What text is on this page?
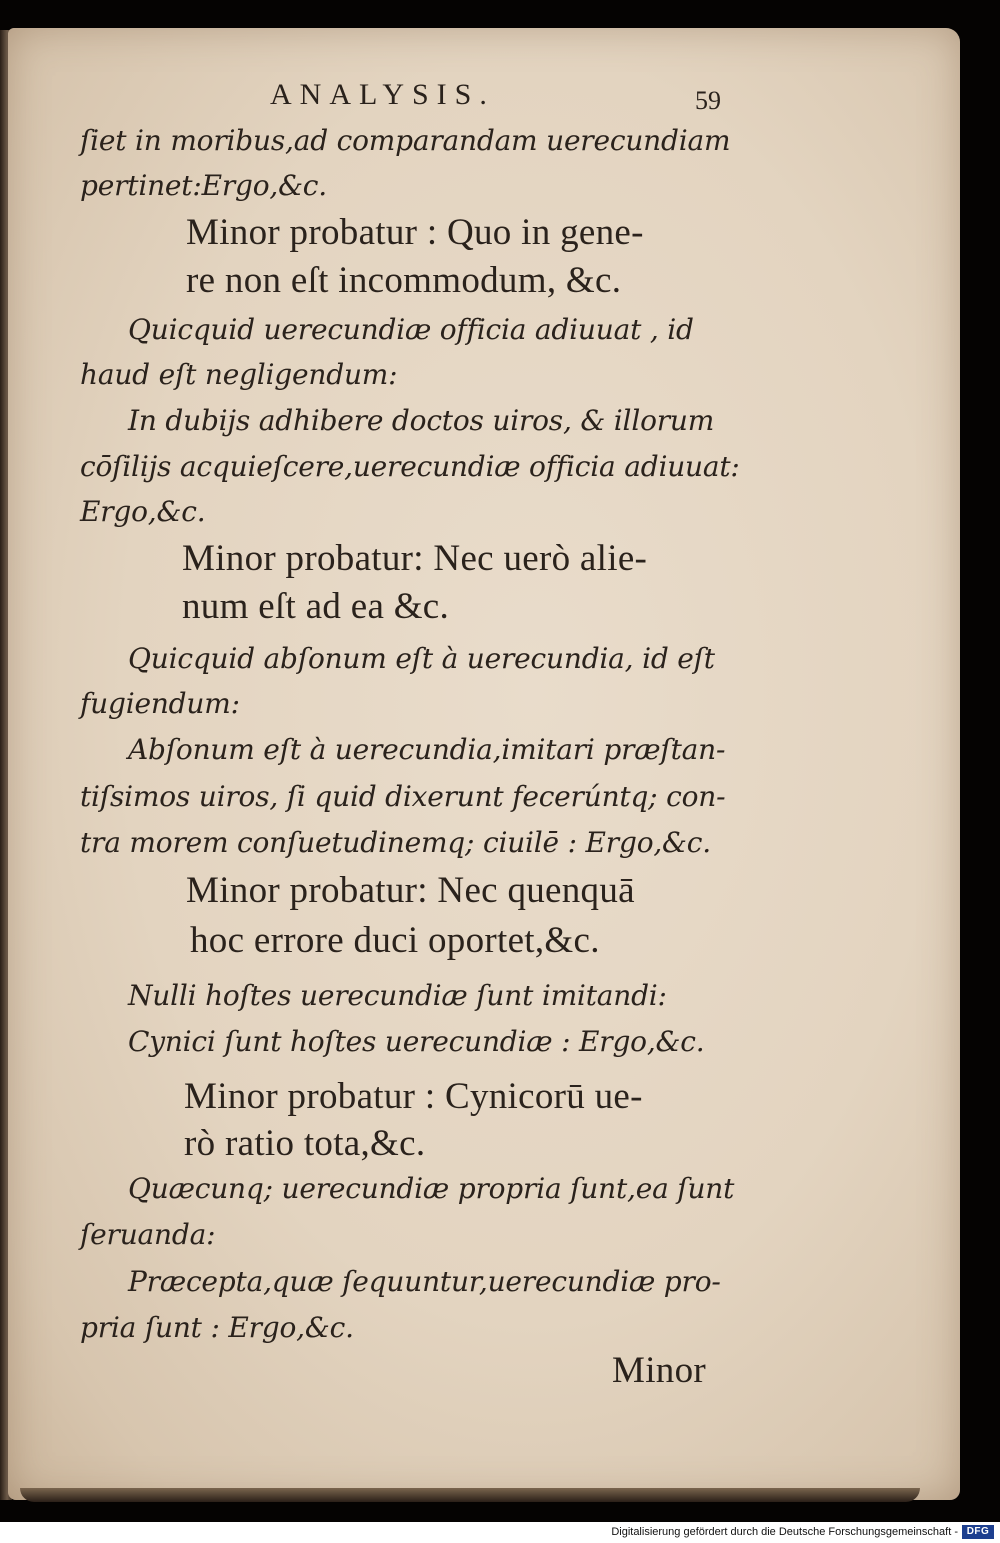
ANALYSIS.	59
ſiet in moribus,ad comparandam uerecundiam
pertinet:Ergo,&c.
Minor probatur : Quo in gene-
re non eſt incommodum, &c.
Quicquid uerecundiæ officia adiuuat , id
haud eſt negligendum:
In dubijs adhibere doctos uiros, & illorum
cōſilijs acquieſcere,uerecundiæ officia adiuuat:
Ergo,&c.
Minor probatur: Nec uerò alie-
num eſt ad ea &c.
Quicquid abſonum eſt à uerecundia, id eſt
fugiendum:
Abſonum eſt à uerecundia,imitari præſtan-
tiſsimos uiros, ſi quid dixerunt fecerúntq; con-
tra morem conſuetudinemq; ciuilē : Ergo,&c.
Minor probatur: Nec quenquā
hoc errore duci oportet,&c.
Nulli hoſtes uerecundiæ ſunt imitandi:
Cynici ſunt hoſtes uerecundiæ : Ergo,&c.
Minor probatur : Cynicorū ue-
rò ratio tota,&c.
Quæcunq; uerecundiæ propria ſunt,ea ſunt
ſeruanda:
Præcepta,quæ ſequuntur,uerecundiæ pro-
pria ſunt : Ergo,&c.
Minor
Digitalisierung gefördert durch die Deutsche Forschungsgemeinschaft - DFG
